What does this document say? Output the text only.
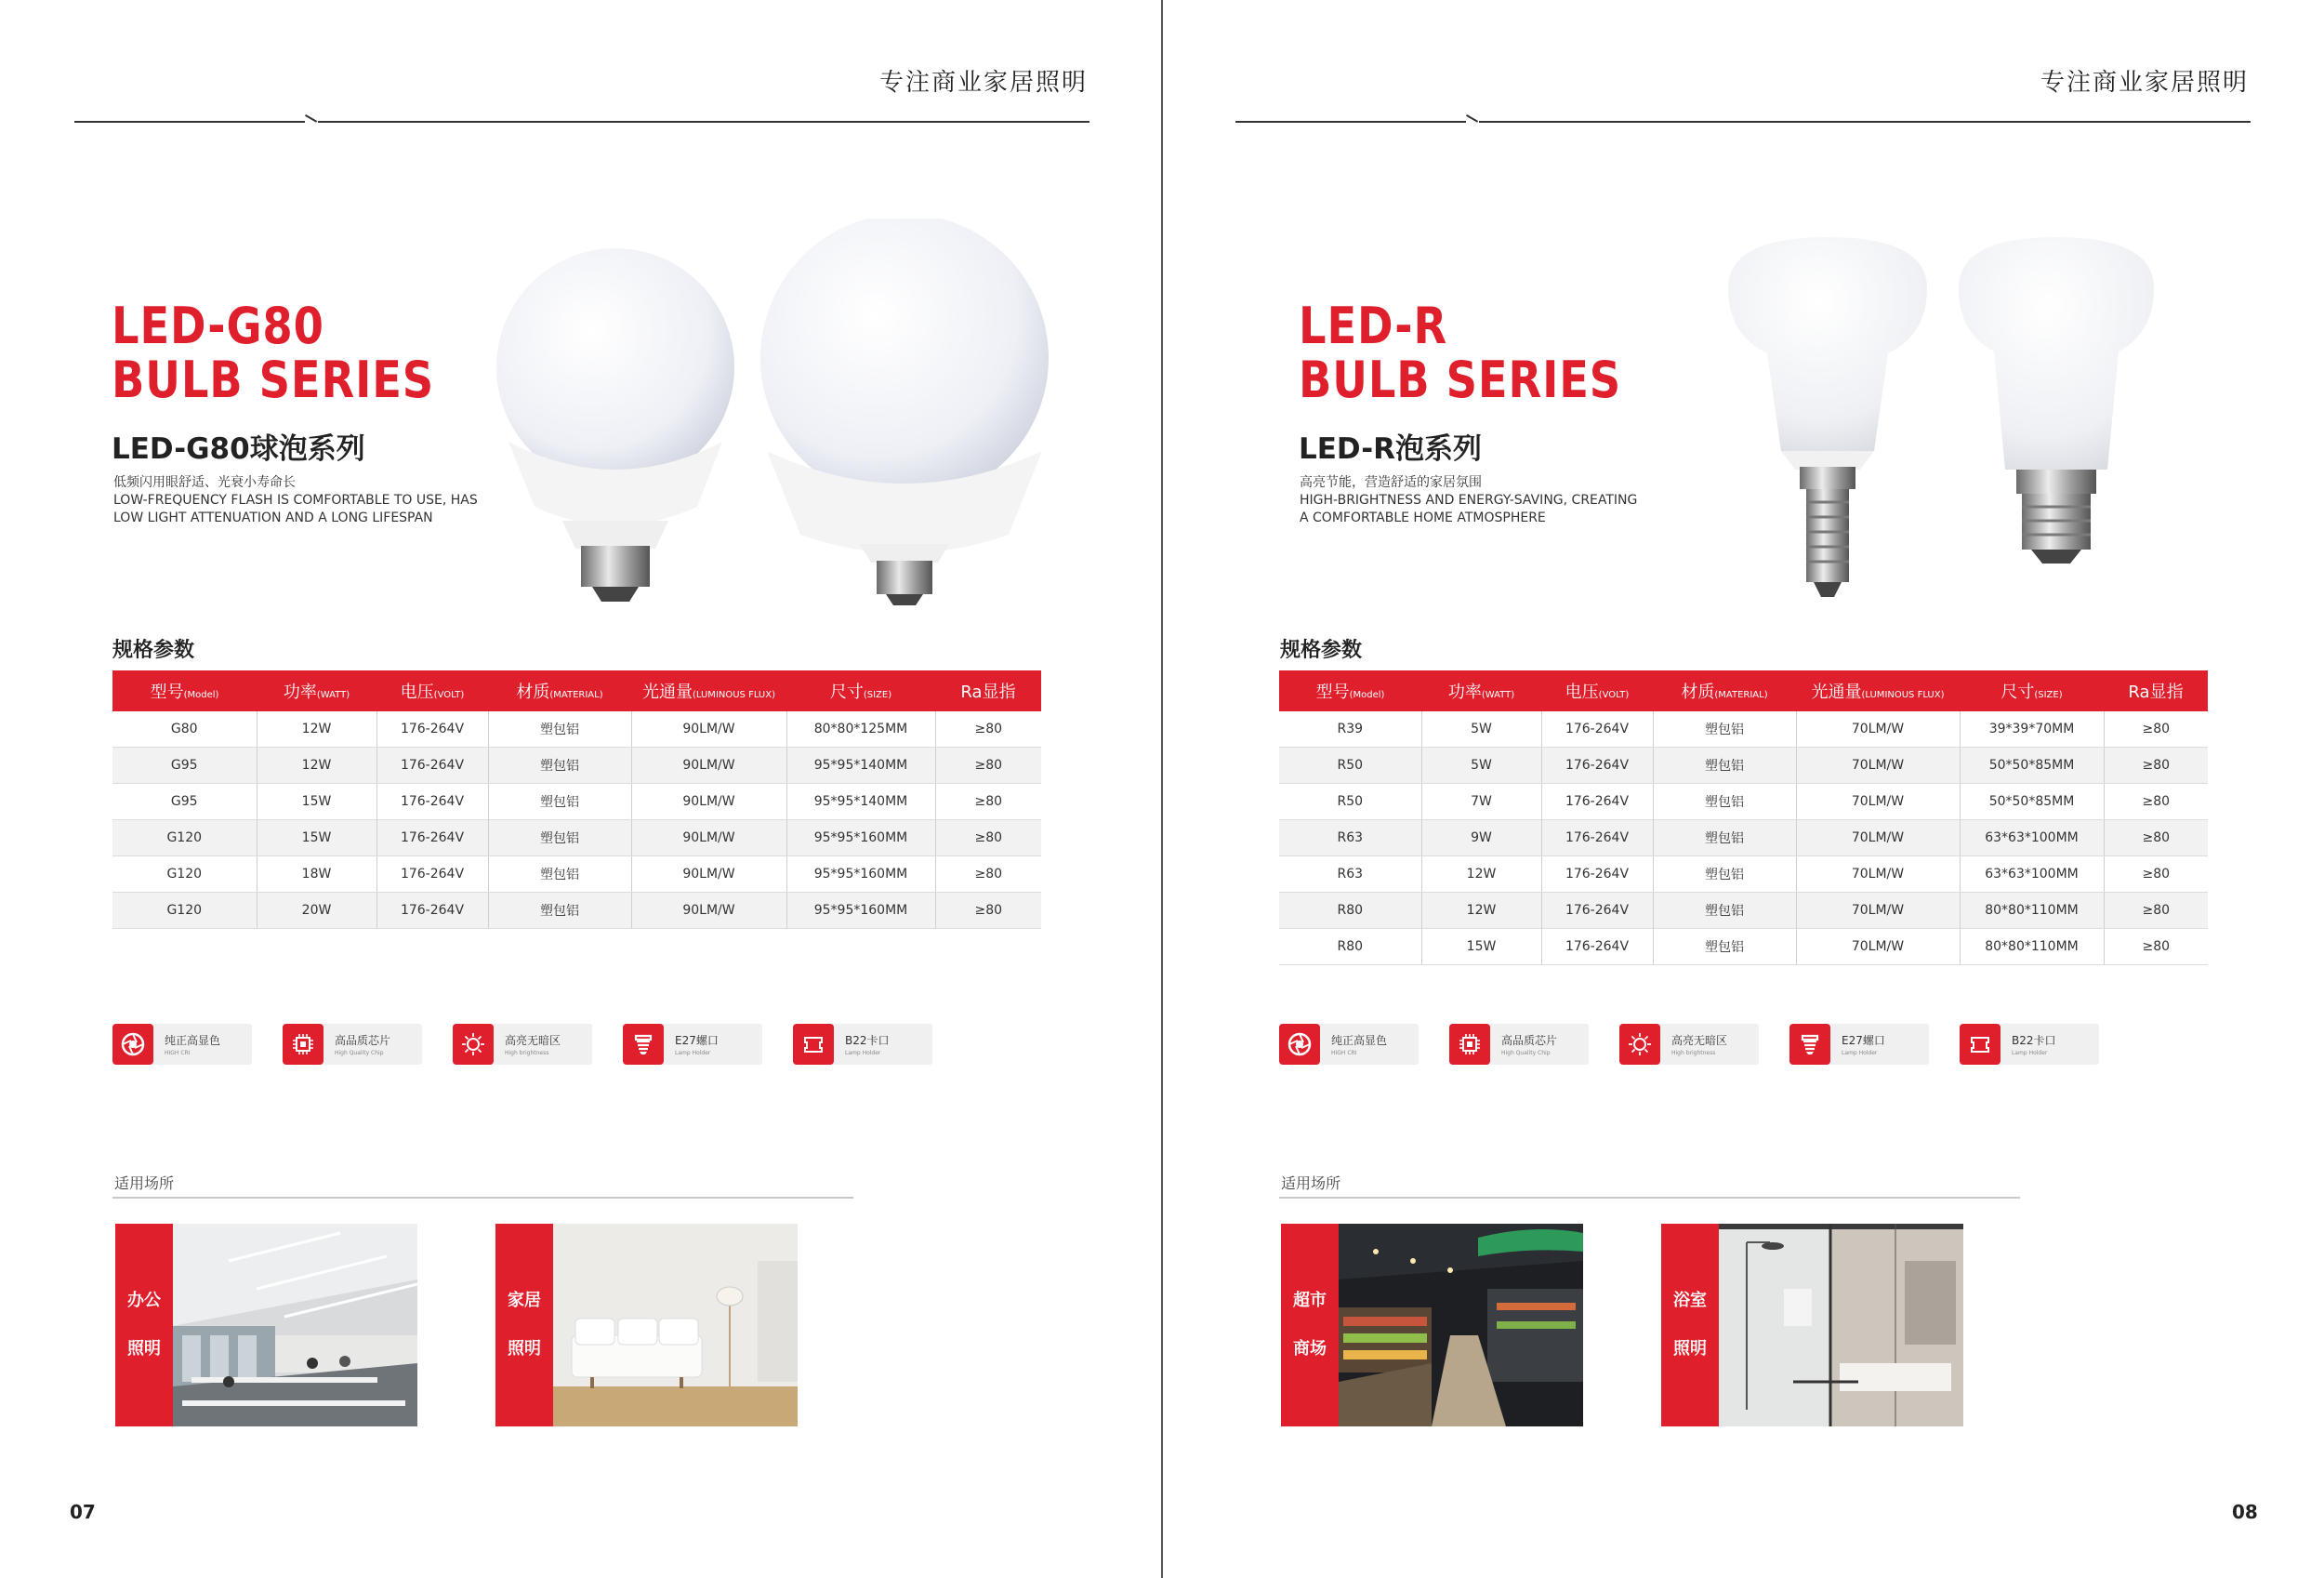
专注商业家居照明
LED-G80
BULB SERIES
LED-G80球泡系列
低频闪用眼舒适、光衰小寿命长
LOW-FREQUENCY FLASH IS COMFORTABLE TO USE, HAS
LOW LIGHT ATTENUATION AND A LONG LIFESPAN
规格参数
型号(Model)	功率(WATT)	电压(VOLT)	材质(MATERIAL)	光通量(LUMINOUS FLUX)	尺寸(SIZE)	Ra显指
G80	12W	176-264V	塑包铝	90LM/W	80*80*125MM	≥80
G95	12W	176-264V	塑包铝	90LM/W	95*95*140MM	≥80
G95	15W	176-264V	塑包铝	90LM/W	95*95*140MM	≥80
G120	15W	176-264V	塑包铝	90LM/W	95*95*160MM	≥80
G120	18W	176-264V	塑包铝	90LM/W	95*95*160MM	≥80
G120	20W	176-264V	塑包铝	90LM/W	95*95*160MM	≥80
纯正高显色
HIGH CRI
高品质芯片
High Quality Chip
高亮无暗区
High brightness
E27螺口
Lamp Holder
B22卡口
Lamp Holder
适用场所
办公

照明
家居

照明
07
专注商业家居照明
LED-R
BULB SERIES
LED-R泡系列
高亮节能，营造舒适的家居氛围
HIGH-BRIGHTNESS AND ENERGY-SAVING, CREATING
A COMFORTABLE HOME ATMOSPHERE
规格参数
型号(Model)	功率(WATT)	电压(VOLT)	材质(MATERIAL)	光通量(LUMINOUS FLUX)	尺寸(SIZE)	Ra显指
R39	5W	176-264V	塑包铝	70LM/W	39*39*70MM	≥80
R50	5W	176-264V	塑包铝	70LM/W	50*50*85MM	≥80
R50	7W	176-264V	塑包铝	70LM/W	50*50*85MM	≥80
R63	9W	176-264V	塑包铝	70LM/W	63*63*100MM	≥80
R63	12W	176-264V	塑包铝	70LM/W	63*63*100MM	≥80
R80	12W	176-264V	塑包铝	70LM/W	80*80*110MM	≥80
R80	15W	176-264V	塑包铝	70LM/W	80*80*110MM	≥80
纯正高显色
HIGH CRI
高品质芯片
High Quality Chip
高亮无暗区
High brightness
E27螺口
Lamp Holder
B22卡口
Lamp Holder
适用场所
超市

商场
浴室

照明
08
